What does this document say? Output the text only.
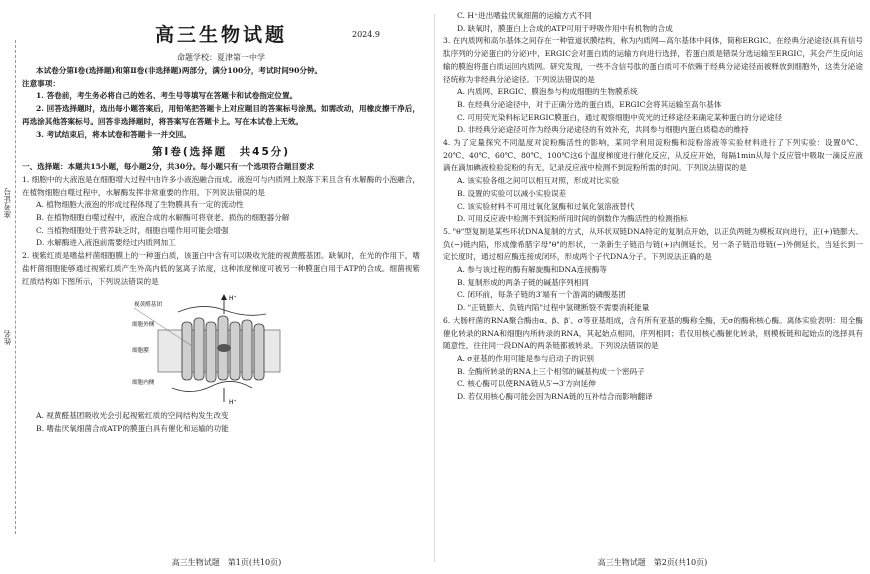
准考证号
姓名
高三生物试题	2024.9
命题学校：夏津第一中学

本试卷分第Ⅰ卷(选择题)和第Ⅱ卷(非选择题)两部分，满分100分，考试时间90分钟。

注意事项：

1. 答卷前，考生务必将自己的姓名、考生号等填写在答题卡和试卷指定位置。

2. 回答选择题时，选出每小题答案后，用铅笔把答题卡上对应题目的答案标号涂黑。如需改动，用橡皮擦干净后，再选涂其他答案标号。回答非选择题时，将答案写在答题卡上。写在本试卷上无效。

3. 考试结束后，将本试卷和答题卡一并交回。

第Ⅰ卷(选择题　共45分)

一、选择题：本题共15小题，每小题2分，共30分。每小题只有一个选项符合题目要求

1. 细胞中的大液泡是在细胞增大过程中由许多小液泡融合而成。液泡可与内质网上脱落下来且含有水解酶的小泡融合，在植物细胞自噬过程中，水解酶发挥非常重要的作用。下列说法错误的是

A. 植物细胞大液泡的形成过程体现了生物膜具有一定的流动性

B. 在植物细胞自噬过程中，液泡合成的水解酶可将衰老、损伤的细胞器分解

C. 当植物细胞处于营养缺乏时，细胞自噬作用可能会增强

D. 水解酶进入液泡前需要经过内质网加工

2. 视紫红质是嗜盐杆菌细胞膜上的一种蛋白质，该蛋白中含有可以吸收光能的视黄醛基团。缺氧时，在光的作用下，嗜盐杆菌细胞能够通过视紫红质产生外高内低的氢离子浓度，这种浓度梯度可被另一种膜蛋白用于ATP的合成。细菌视紫红质结构如下图所示，下列说法错误的是

视黄醛基团
细胞外侧
细胞膜
细胞内侧
H⁺
H⁺

A. 视黄醛基团吸收光会引起视紫红质的空间结构发生改变

B. 嗜盐厌氧细菌合成ATP的膜蛋白具有催化和运输的功能

高三生物试题　第1页(共10页)

C. H⁺进出嗜盐厌氧细菌的运输方式不同

D. 缺氧时，膜蛋白上合成的ATP可用于呼吸作用中有机物的合成

3. 在内质网和高尔基体之间存在一种管道状膜结构，称为内质网—高尔基体中间体，简称ERGIC。在经典分泌途径(具有信号肽序列的分泌蛋白的分泌)中，ERGIC会对蛋白质的运输方向进行选择，若蛋白质是错误分选运输至ERGIC，其会产生反向运输的膜泡将蛋白质运回内质网。研究发现，一些不含信号肽的蛋白质可不依赖于经典分泌途径而被释放到细胞外，这类分泌途径统称为非经典分泌途径。下列说法错误的是

A. 内质网、ERGIC、膜泡参与构成细胞的生物膜系统

B. 在经典分泌途径中，对于正确分选的蛋白质，ERGIC会将其运输至高尔基体

C. 可用荧光染料标记ERGIC膜蛋白，通过观察细胞中荧光的迁移途径来确定某种蛋白的分泌途径

D. 非经典分泌途径可作为经典分泌途径的有效补充，共同参与细胞内蛋白质稳态的维持

4. 为了定量探究不同温度对淀粉酶活性的影响，某同学利用淀粉酶和淀粉溶液等实验材料进行了下列实验：设置0℃、20℃、40℃、60℃、80℃、100℃这6个温度梯度进行催化反应，从反应开始，每隔1min从每个反应管中吸取一滴反应液滴在滴加碘液检验淀粉的有无，记录反应液中检测不到淀粉所需的时间。下列说法错误的是

A. 该实验各组之间可以相互对照，形成对比实验

B. 设置的实验可以减小实验误差

C. 该实验材料不可用过氧化氢酶和过氧化氢溶液替代

D. 可用反应液中检测不到淀粉所用时间的倒数作为酶活性的检测指标

5. "θ"型复制是某些环状DNA复制的方式，从环状双链DNA特定的复制点开始，以正负两链为模板双向进行，正(+)链膨大、负(−)链内陷，形成像希腊字母"θ"的形状，一条新生子链沿与链(+)内侧延长，另一条子链沿母链(−)外侧延长，当延长到一定长度时，通过相应酶连接成闭环，形成两个子代DNA分子。下列说法正确的是

A. 参与该过程的酶有解旋酶和DNA连接酶等

B. 复制形成的两条子链的碱基序列相同

C. 闭环前，每条子链的3′端有一个游离的磷酸基团

D. "正链膨大、负链内陷"过程中氢键断裂不需要消耗能量

6. 大肠杆菌的RNA聚合酶由α、β、β′、σ等亚基组成，含有所有亚基的酶称全酶，无σ的酶称核心酶。离体实验表明：用全酶催化转录的RNA和细胞内所转录的RNA，其起始点相同，序列相同；若仅用核心酶催化转录，则模板链和起始点的选择具有随意性，往往同一段DNA的两条链都被转录。下列说法错误的是

A. σ亚基的作用可能是参与启动子的识别

B. 全酶所转录的RNA上三个相邻的碱基构成一个密码子

C. 核心酶可以使RNA链从5′→3′方向延伸

D. 若仅用核心酶可能会因为RNA链的互补结合而影响翻译

高三生物试题　第2页(共10页)
